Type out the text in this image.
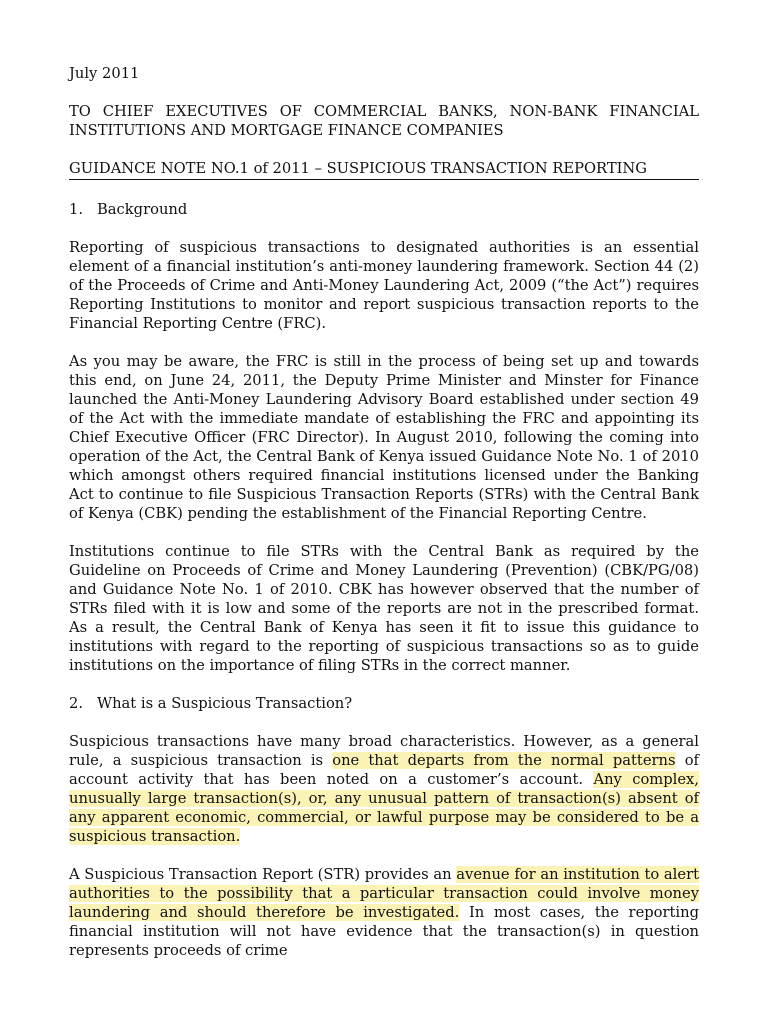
July 2011
TO CHIEF EXECUTIVES OF COMMERCIAL BANKS, NON-BANK FINANCIAL INSTITUTIONS AND MORTGAGE FINANCE COMPANIES
GUIDANCE NOTE NO.1 of 2011 – SUSPICIOUS TRANSACTION REPORTING
1. Background

Reporting of suspicious transactions to designated authorities is an essential element of a financial institution’s anti-money laundering framework. Section 44 (2) of the Proceeds of Crime and Anti-Money Laundering Act, 2009 (“the Act”) requires Reporting Institutions to monitor and report suspicious transaction reports to the Financial Reporting Centre (FRC).

As you may be aware, the FRC is still in the process of being set up and towards this end, on June 24, 2011, the Deputy Prime Minister and Minster for Finance launched the Anti-Money Laundering Advisory Board established under section 49 of the Act with the immediate mandate of establishing the FRC and appointing its Chief Executive Officer (FRC Director). In August 2010, following the coming into operation of the Act, the Central Bank of Kenya issued Guidance Note No. 1 of 2010 which amongst others required financial institutions licensed under the Banking Act to continue to file Suspicious Transaction Reports (STRs) with the Central Bank of Kenya (CBK) pending the establishment of the Financial Reporting Centre.

Institutions continue to file STRs with the Central Bank as required by the Guideline on Proceeds of Crime and Money Laundering (Prevention) (CBK/PG/08) and Guidance Note No. 1 of 2010. CBK has however observed that the number of STRs filed with it is low and some of the reports are not in the prescribed format. As a result, the Central Bank of Kenya has seen it fit to issue this guidance to institutions with regard to the reporting of suspicious transactions so as to guide institutions on the importance of filing STRs in the correct manner.

2. What is a Suspicious Transaction?

Suspicious transactions have many broad characteristics. However, as a general rule, a suspicious transaction is one that departs from the normal patterns of account activity that has been noted on a customer’s account. Any complex, unusually large transaction(s), or, any unusual pattern of transaction(s) absent of any apparent economic, commercial, or lawful purpose may be considered to be a suspicious transaction.

A Suspicious Transaction Report (STR) provides an avenue for an institution to alert authorities to the possibility that a particular transaction could involve money laundering and should therefore be investigated. In most cases, the reporting financial institution will not have evidence that the transaction(s) in question represents proceeds of crime
